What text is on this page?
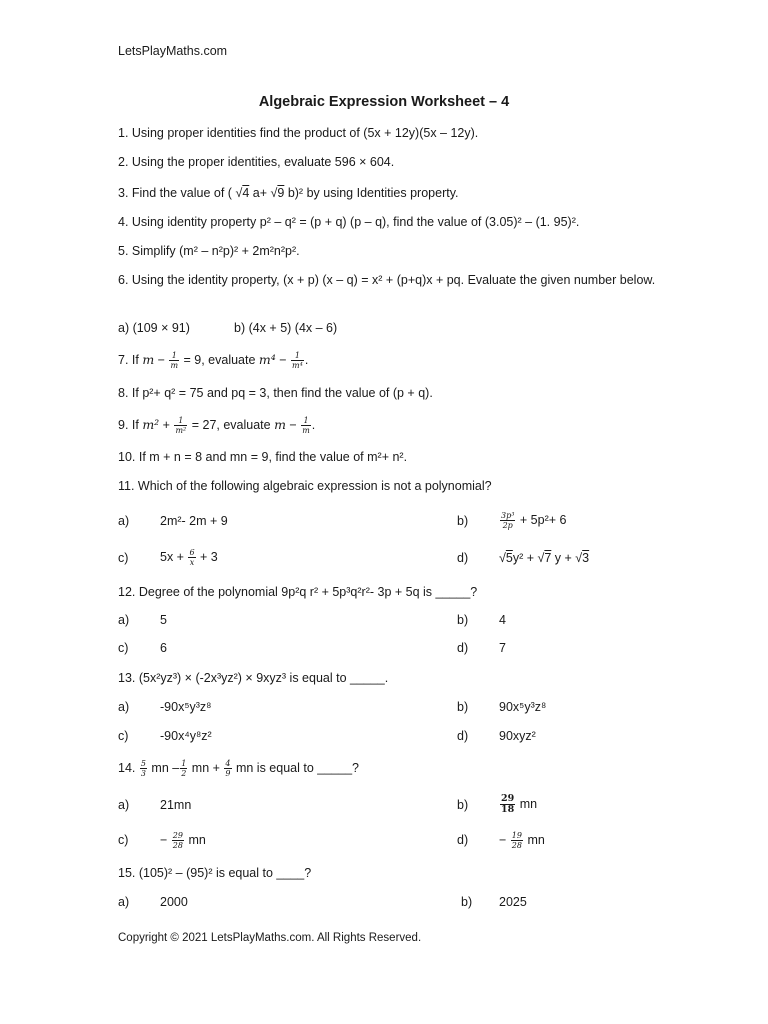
LetsPlayMaths.com
Algebraic Expression Worksheet – 4
1. Using proper identities find the product of (5x + 12y)(5x – 12y).
2. Using the proper identities, evaluate 596 × 604.
3. Find the value of ( √4 a+ √9 b)² by using Identities property.
4. Using identity property p² – q² = (p + q) (p – q), find the value of (3.05)² – (1. 95)².
5. Simplify (m² – n²p)² + 2m²n²p².
6. Using the identity property, (x + p) (x – q) = x² + (p+q)x + pq. Evaluate the given number below.
a) (109 × 91)	b) (4x + 5) (4x – 6)
7. If $m - \frac{1}{m} = 9$, evaluate $m^4 - \frac{1}{\text{m⁴}}$ .
8. If p²+ q² = 75 and pq = 3, then find the value of (p + q).
9. If $m^2 + \frac{1}{\text{m²}} = 27$, evaluate $m - \frac{1}{m}$ .
10. If m + n = 8 and mn = 9, find the value of m²+ n².
11. Which of the following algebraic expression is not a polynomial?
a) 2m²- 2m + 9	b)	$\frac{\text{3p³}}{2p} + 5p^2+ 6$
c)	$5x + \frac{6}{x} + 3$	d) √5y² + √7 y + √3
12. Degree of the polynomial 9p²q r² + 5p³q²r²- 3p + 5q is _____?
a) 5	b) 4
c)	6	d) 7
13. (5x²yz³) × (-2x³yz²) × 9xyz³ is equal to _____.
a) -90x⁵y³z⁸	b) 90x⁵y³z⁸
c)	-90x⁴y⁸z²	d) 90xyz²
14. $\frac{5}{3}$ mn – $\frac{1}{2}$ mn + $\frac{4}{9}$ mn is equal to _____?
a) 21mn	b)	$\frac{29}{18}$ mn
c)	− $\frac{29}{28}$ mn	$d) - \frac{19}{28}$ mn
15. (105)² – (95)² is equal to ____?
a) 2000	b) 2025
Copyright © 2021 LetsPlayMaths.com. All Rights Reserved.
